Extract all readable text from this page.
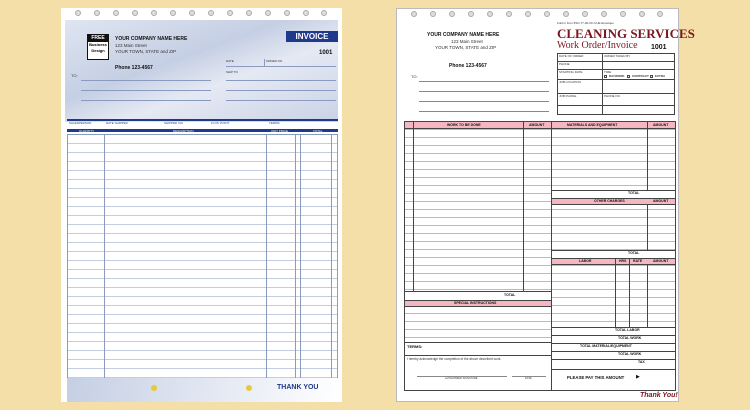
FREE
Business
Design
YOUR COMPANY NAME HERE
123 Main Street
YOUR TOWN, STATE and ZIP
Phone 123-4567
INVOICE
1001
DATE	ORDER NO.
SHIP TO
TO:
SALESPERSON	DATE SHIPPED	SHIPPED VIA	F.O.B. POINT	TERMS
QUANTITY	DESCRIPTION	UNIT PRICE	TOTAL
THANK YOU
Fold in form #SC-77-30-CF-CUE Envelope
YOUR COMPANY NAME HERE
123 Main Street
YOUR TOWN, STATE and ZIP
Phone 123-4567
TO:
CLEANING SERVICES
Work Order/Invoice 1001
DATE OF ORDER	ORDER TAKEN BY
PHONE
STARTING DATE	TIME
DAYWORK CONTRACT EXTRA
JOB LOCATION
JOB PHONE	PHONE NO.
WORK TO BE DONE	AMOUNT
TOTAL
SPECIAL INSTRUCTIONS
MATERIALS AND EQUIPMENT	AMOUNT
TOTAL
OTHER CHARGES	AMOUNT
TOTAL
LABOR	HRS RATE	AMOUNT
TOTAL LABOR
TOTAL WORK
TOTAL MATERIAL/EQUIPMENT
TOTAL WORK
TAX
TERMS:
I hereby acknowledge the completion of the above described work.
AUTHORIZED SIGNATURE	DATE	PLEASE PAY THIS AMOUNT ▶
Thank You!
